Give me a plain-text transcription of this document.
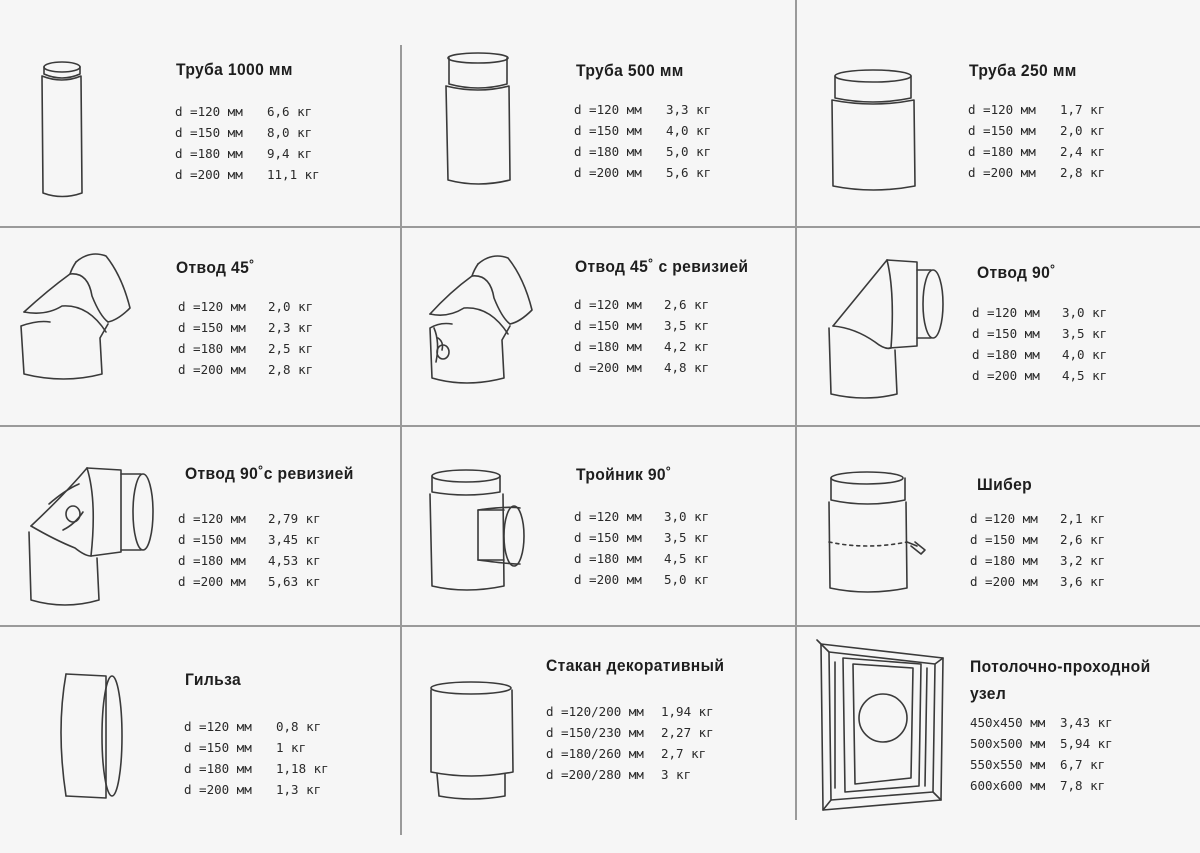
Труба 1000 мм
d =120 мм	6,6 кг
d =150 мм	8,0 кг
d =180 мм	9,4 кг
d =200 мм	11,1 кг
Труба 500 мм
d =120 мм	3,3 кг
d =150 мм	4,0 кг
d =180 мм	5,0 кг
d =200 мм	5,6 кг
Труба 250 мм
d =120 мм	1,7 кг
d =150 мм	2,0 кг
d =180 мм	2,4 кг
d =200 мм	2,8 кг
Отвод 45˚
d =120 мм	2,0 кг
d =150 мм	2,3 кг
d =180 мм	2,5 кг
d =200 мм	2,8 кг
Отвод 45˚ с ревизией
d =120 мм	2,6 кг
d =150 мм	3,5 кг
d =180 мм	4,2 кг
d =200 мм	4,8 кг
Отвод 90˚
d =120 мм	3,0 кг
d =150 мм	3,5 кг
d =180 мм	4,0 кг
d =200 мм	4,5 кг
Отвод 90˚с ревизией
d =120 мм	2,79 кг
d =150 мм	3,45 кг
d =180 мм	4,53 кг
d =200 мм	5,63 кг
Тройник 90˚
d =120 мм	3,0 кг
d =150 мм	3,5 кг
d =180 мм	4,5 кг
d =200 мм	5,0 кг
Шибер
d =120 мм	2,1 кг
d =150 мм	2,6 кг
d =180 мм	3,2 кг
d =200 мм	3,6 кг
Гильза
d =120 мм	0,8 кг
d =150 мм	1 кг
d =180 мм	1,18 кг
d =200 мм	1,3 кг
Стакан декоративный
d =120/200 мм	1,94 кг
d =150/230 мм	2,27 кг
d =180/260 мм	2,7 кг
d =200/280 мм	3 кг
Потолочно-проходной узел
450х450 мм	3,43 кг
500х500 мм	5,94 кг
550х550 мм	6,7 кг
600х600 мм	7,8 кг
